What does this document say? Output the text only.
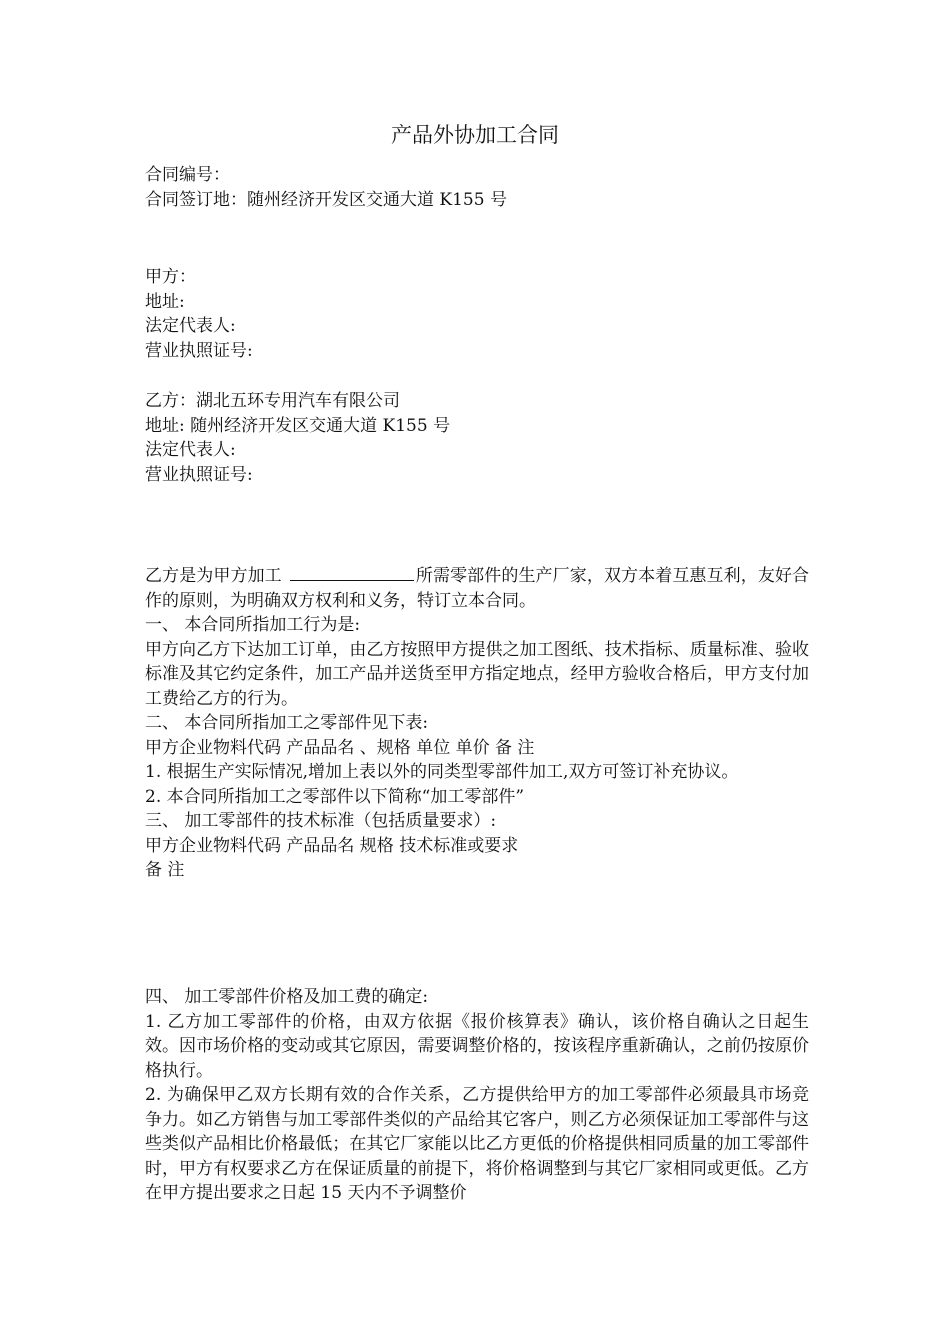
产品外协加工合同
合同编号：
合同签订地：随州经济开发区交通大道 K155 号
甲方：
地址:
法定代表人:
营业执照证号:
乙方：湖北五环专用汽车有限公司
地址: 随州经济开发区交通大道 K155 号
法定代表人:
营业执照证号:
乙方是为甲方加工	所需零部件的生产厂家，双方本着互惠互利，友好合作的原则，为明确双方权利和义务，特订立本合同。
一、 本合同所指加工行为是:
甲方向乙方下达加工订单，由乙方按照甲方提供之加工图纸、技术指标、质量标准、验收标准及其它约定条件，加工产品并送货至甲方指定地点，经甲方验收合格后，甲方支付加工费给乙方的行为。
二、 本合同所指加工之零部件见下表:
甲方企业物料代码 产品品名 、规格 单位 单价 备 注
1. 根据生产实际情况,增加上表以外的同类型零部件加工,双方可签订补充协议。
2. 本合同所指加工之零部件以下简称“加工零部件”
三、 加工零部件的技术标准（包括质量要求）:
甲方企业物料代码 产品品名 规格 技术标准或要求
备 注
四、 加工零部件价格及加工费的确定:
1. 乙方加工零部件的价格，由双方依据《报价核算表》确认，该价格自确认之日起生效。因市场价格的变动或其它原因，需要调整价格的，按该程序重新确认，之前仍按原价格执行。
2. 为确保甲乙双方长期有效的合作关系，乙方提供给甲方的加工零部件必须最具市场竞争力。如乙方销售与加工零部件类似的产品给其它客户，则乙方必须保证加工零部件与这些类似产品相比价格最低；在其它厂家能以比乙方更低的价格提供相同质量的加工零部件时，甲方有权要求乙方在保证质量的前提下，将价格调整到与其它厂家相同或更低。乙方在甲方提出要求之日起 15 天内不予调整价
